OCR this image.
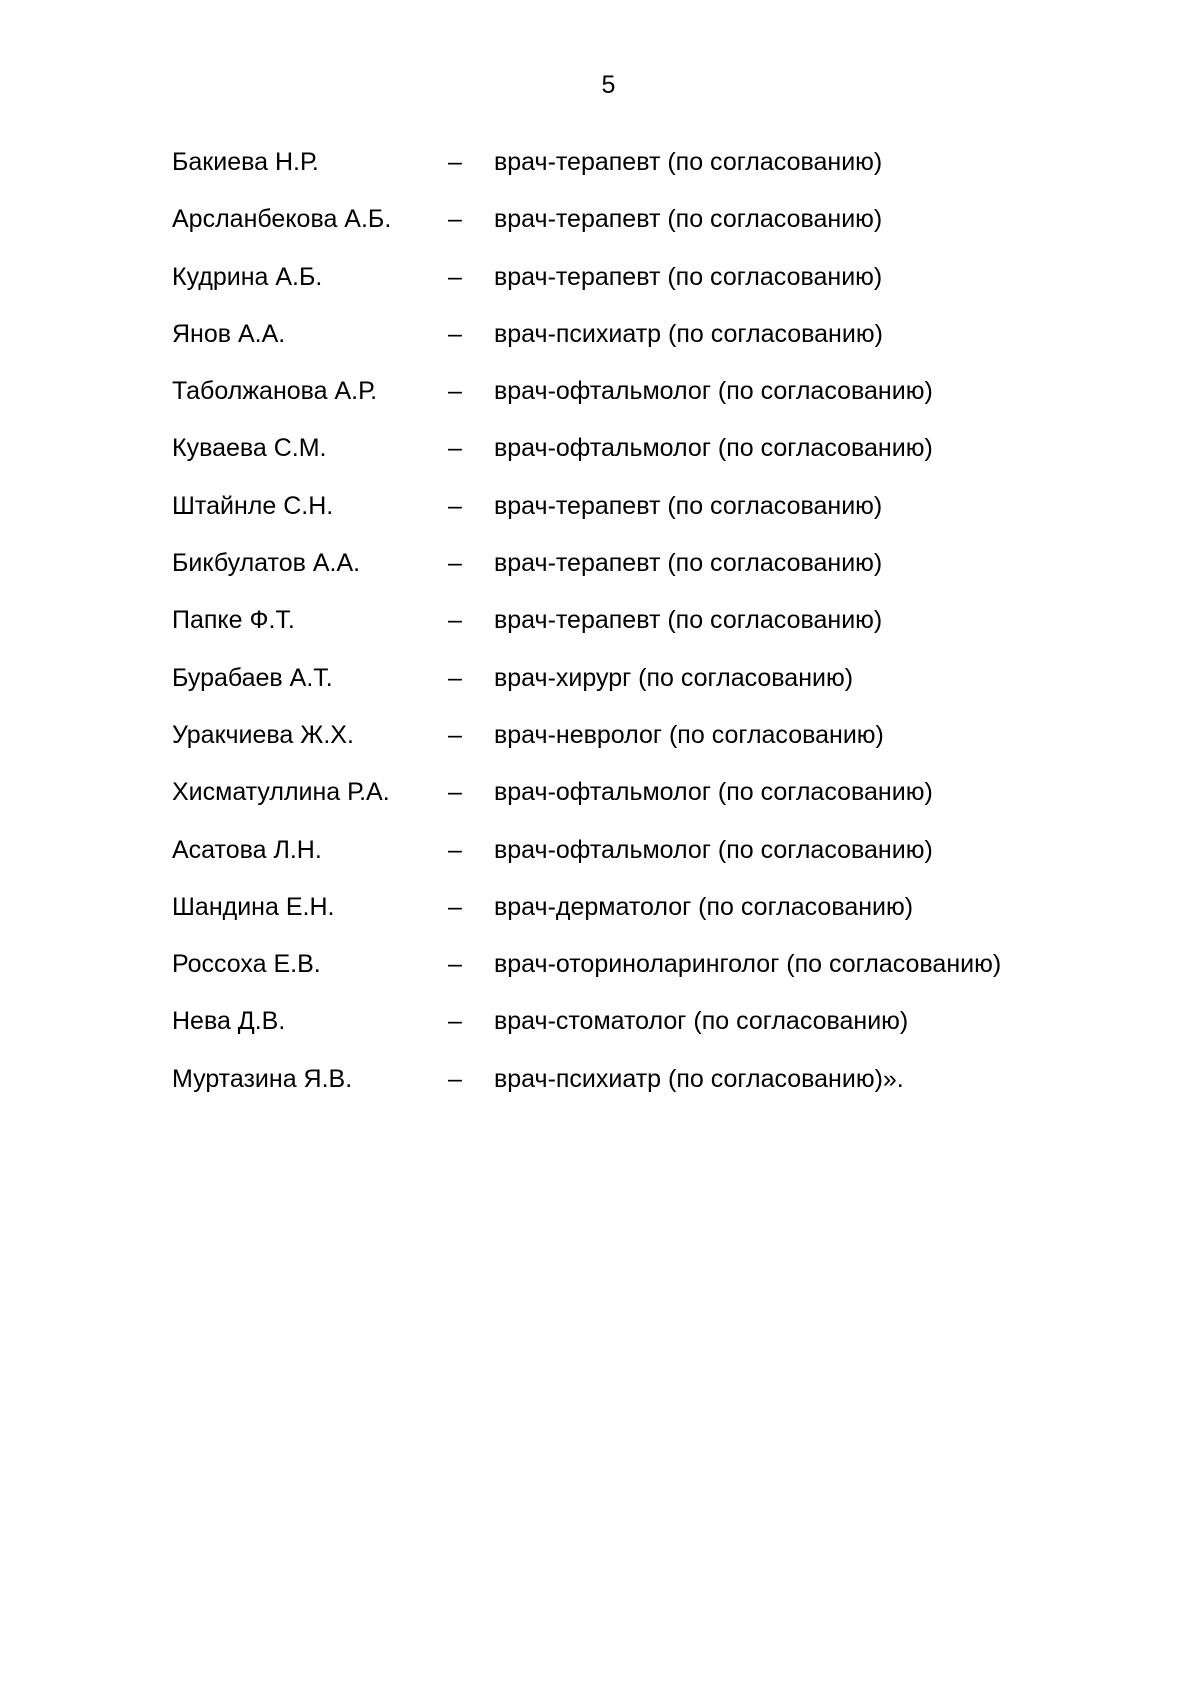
5
Бакиева Н.Р.	– врач-терапевт (по согласованию)
Арсланбекова А.Б. – врач-терапевт (по согласованию)
Кудрина А.Б.	– врач-терапевт (по согласованию)
Янов А.А.	– врач-психиатр (по согласованию)
Таболжанова А.Р.	– врач-офтальмолог (по согласованию)
Куваева С.М.	– врач-офтальмолог (по согласованию)
Штайнле С.Н.	– врач-терапевт (по согласованию)
Бикбулатов А.А.	– врач-терапевт (по согласованию)
Папке Ф.Т.	– врач-терапевт (по согласованию)
Бурабаев А.Т.	– врач-хирург (по согласованию)
Уракчиева Ж.Х.	– врач-невролог (по согласованию)
Хисматуллина Р.А. – врач-офтальмолог (по согласованию)
Асатова Л.Н.	– врач-офтальмолог (по согласованию)
Шандина Е.Н.	– врач-дерматолог (по согласованию)
Россоха Е.В.	– врач-оториноларинголог (по согласованию)
Нева Д.В.	– врач-стоматолог (по согласованию)
Муртазина Я.В.	– врач-психиатр (по согласованию)».
